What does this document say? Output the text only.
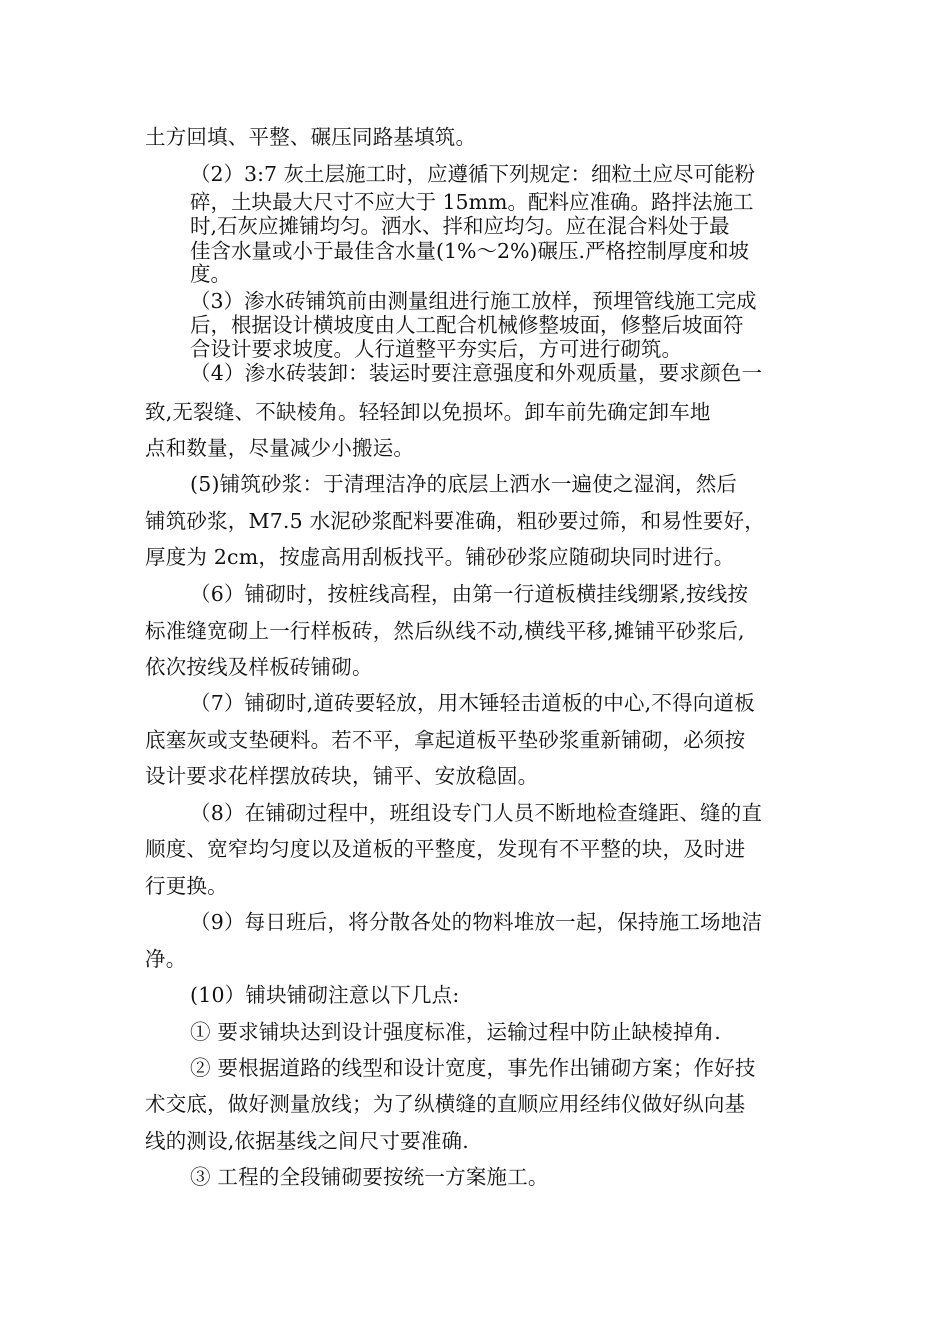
土方回填、平整、碾压同路基填筑。
（2）3:7 灰土层施工时，应遵循下列规定：细粒土应尽可能粉
碎，土块最大尺寸不应大于 15mm。配料应准确。路拌法施工
时,石灰应摊铺均匀。洒水、拌和应均匀。应在混合料处于最
佳含水量或小于最佳含水量(1%～2%)碾压.严格控制厚度和坡
度。
（3）渗水砖铺筑前由测量组进行施工放样，预埋管线施工完成
后，根据设计横坡度由人工配合机械修整坡面，修整后坡面符
合设计要求坡度。人行道整平夯实后，方可进行砌筑。
（4）渗水砖装卸：装运时要注意强度和外观质量，要求颜色一
致,无裂缝、不缺棱角。轻轻卸以免损坏。卸车前先确定卸车地
点和数量，尽量减少小搬运。
(5)铺筑砂浆：于清理洁净的底层上洒水一遍使之湿润，然后
铺筑砂浆，M7.5 水泥砂浆配料要准确，粗砂要过筛，和易性要好，
厚度为 2cm，按虚高用刮板找平。铺砂砂浆应随砌块同时进行。
（6）铺砌时，按桩线高程，由第一行道板横挂线绷紧,按线按
标准缝宽砌上一行样板砖，然后纵线不动,横线平移,摊铺平砂浆后,
依次按线及样板砖铺砌。
（7）铺砌时,道砖要轻放，用木锤轻击道板的中心,不得向道板
底塞灰或支垫硬料。若不平，拿起道板平垫砂浆重新铺砌，必须按
设计要求花样摆放砖块，铺平、安放稳固。
（8）在铺砌过程中，班组设专门人员不断地检查缝距、缝的直
顺度、宽窄均匀度以及道板的平整度，发现有不平整的块，及时进
行更换。
（9）每日班后，将分散各处的物料堆放一起，保持施工场地洁
净。
(10）铺块铺砌注意以下几点:
① 要求铺块达到设计强度标准，运输过程中防止缺棱掉角.
② 要根据道路的线型和设计宽度，事先作出铺砌方案；作好技
术交底，做好测量放线；为了纵横缝的直顺应用经纬仪做好纵向基
线的测设,依据基线之间尺寸要准确.
③ 工程的全段铺砌要按统一方案施工。
